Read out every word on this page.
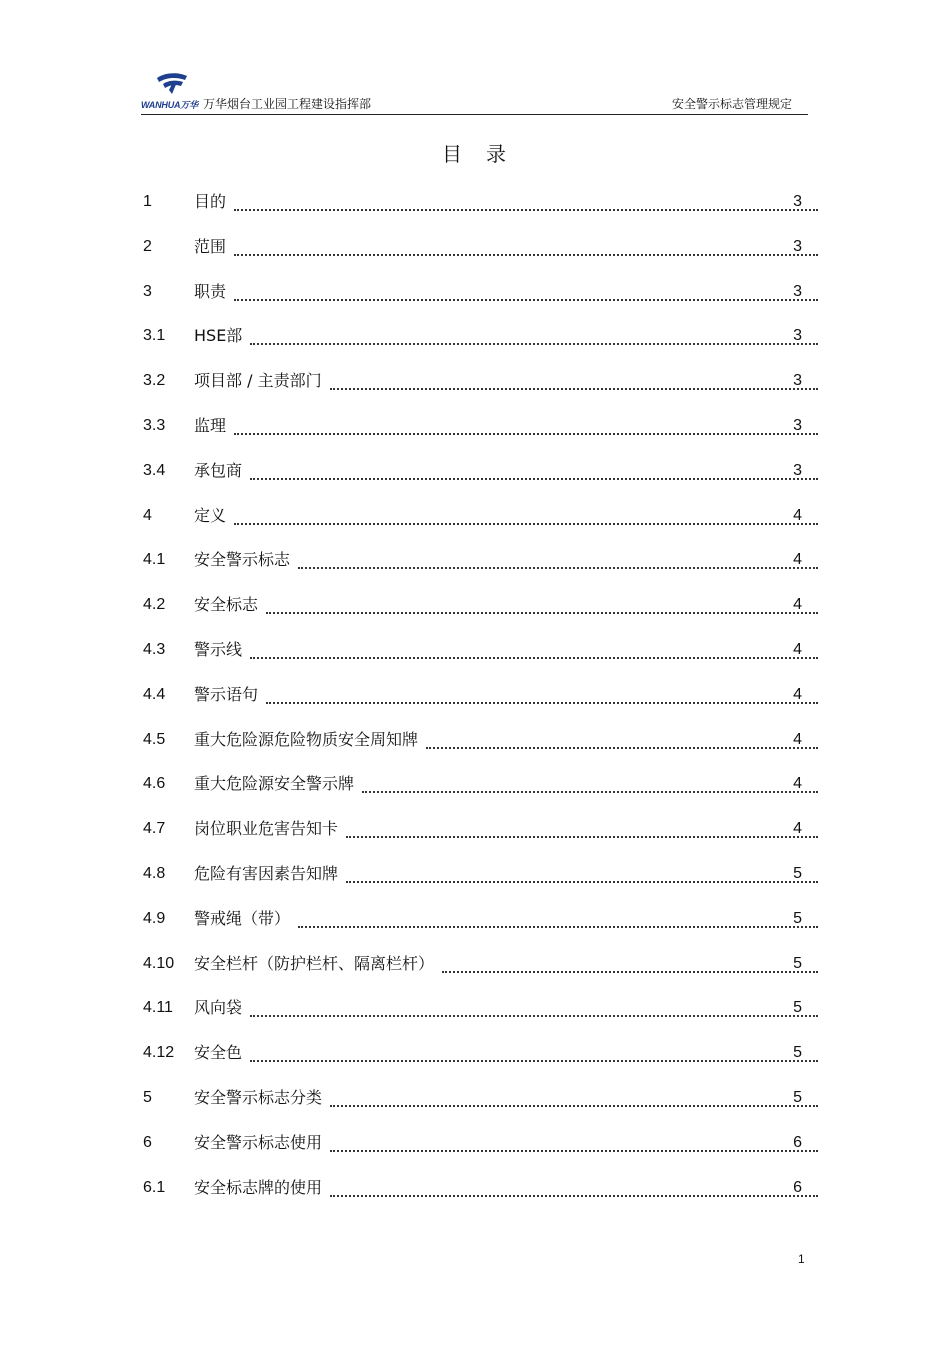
WANHUA万华 万华烟台工业园工程建设指挥部	安全警示标志管理规定
目　录
1	目的	3
2	范围	3
3	职责	3
3.1	HSE部	3
3.2	项目部 / 主责部门	3
3.3	监理	3
3.4	承包商	3
4	定义	4
4.1	安全警示标志	4
4.2	安全标志	4
4.3	警示线	4
4.4	警示语句	4
4.5	重大危险源危险物质安全周知牌	4
4.6	重大危险源安全警示牌	4
4.7	岗位职业危害告知卡	4
4.8	危险有害因素告知牌	5
4.9	警戒绳（带）	5
4.10	安全栏杆（防护栏杆、隔离栏杆）	5
4.11	风向袋	5
4.12	安全色	5
5	安全警示标志分类	5
6	安全警示标志使用	6
6.1	安全标志牌的使用	6
1
